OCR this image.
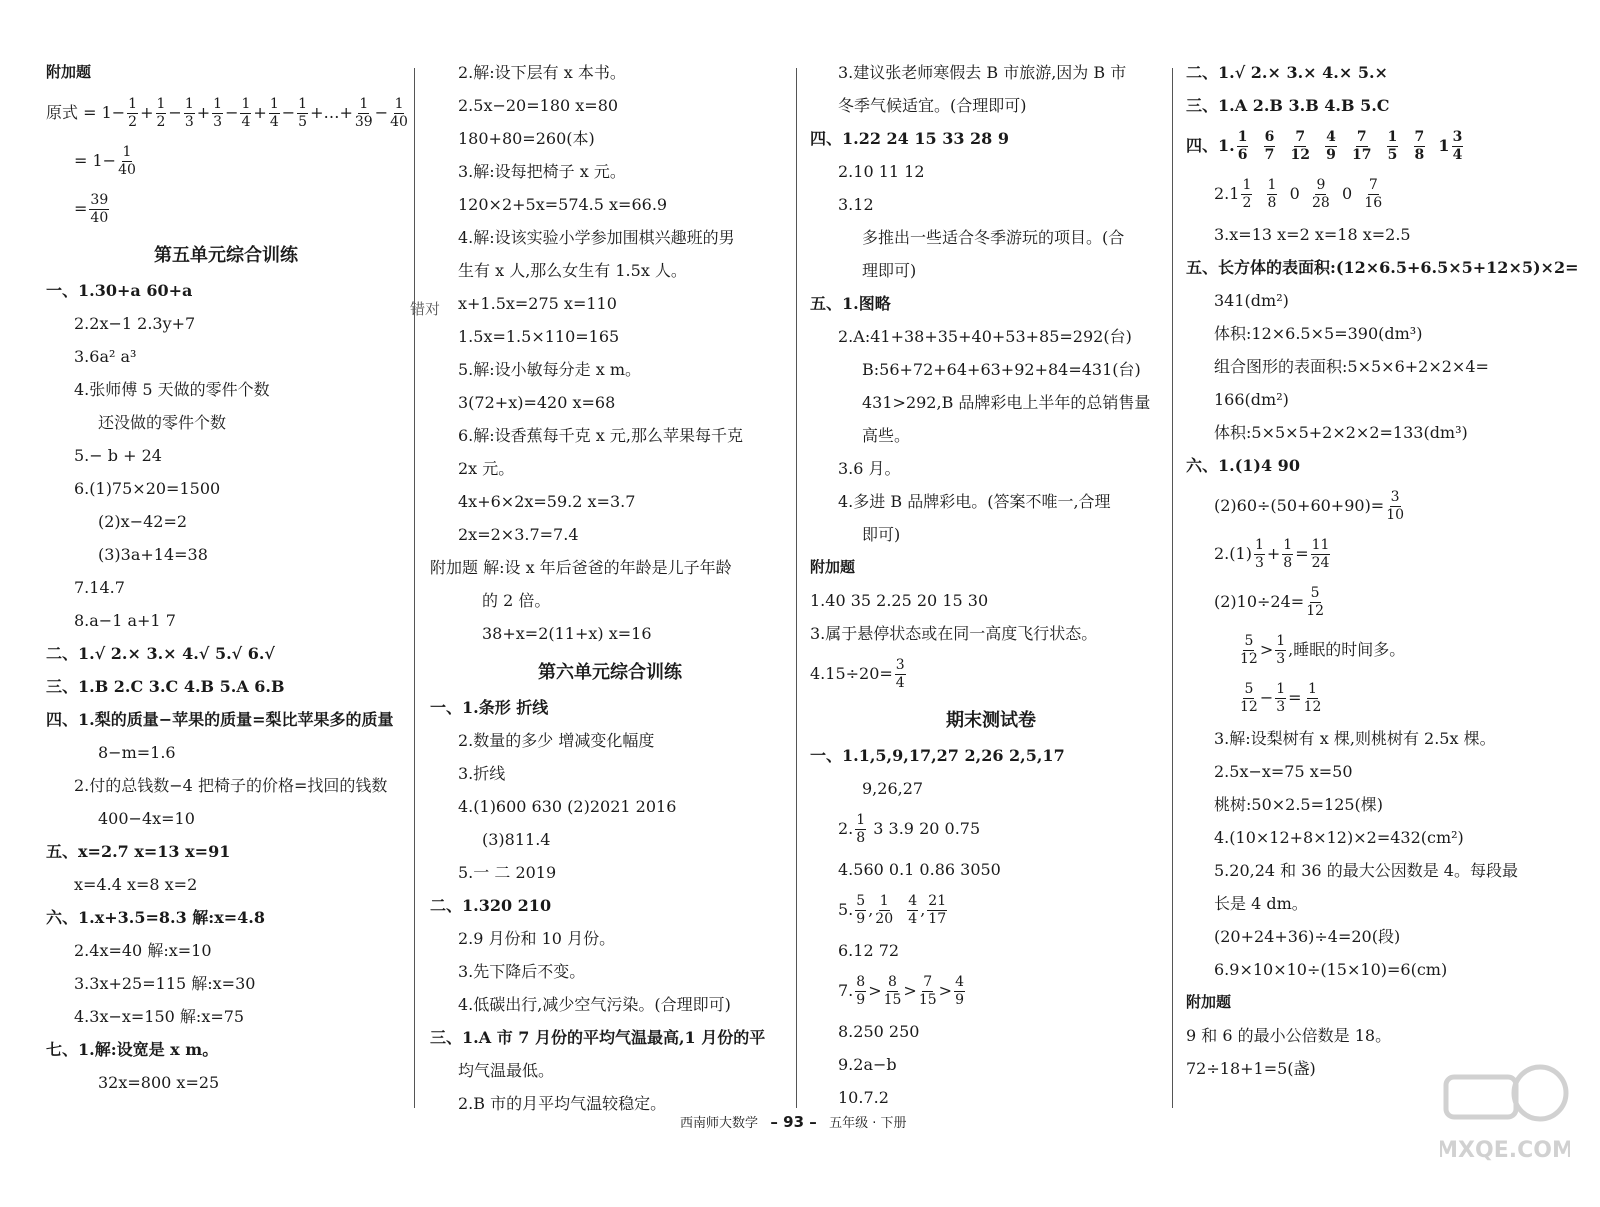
附加题
原式 = $1- \frac{1}{2} + \frac{1}{2} - \frac{1}{3} + \frac{1}{3} - \frac{1}{4} + \frac{1}{4} - \frac{1}{5}$ +…+ $\frac{1}{39} - \frac{1}{40}$
= $1- \frac{1}{40}$
= $\frac{39}{40}$
第五单元综合训练
一、1.30+a 60+a
2.2x−1 2.3y+7
3.6a² a³
4.张师傅 5 天做的零件个数
还没做的零件个数
5.− b + 24
6.(1)75×20=1500
(2)x−42=2
(3)3a+14=38
7.14.7
8.a−1 a+1 7
二、1.√ 2.× 3.× 4.√ 5.√ 6.√
三、1.B 2.C 3.C 4.B 5.A 6.B
四、1.梨的质量−苹果的质量=梨比苹果多的质量
8−m=1.6
2.付的总钱数−4 把椅子的价格=找回的钱数
400−4x=10
五、x=2.7 x=13 x=91
x=4.4 x=8 x=2
六、1.x+3.5=8.3 解:x=4.8
2.4x=40 解:x=10
3.3x+25=115 解:x=30
4.3x−x=150 解:x=75
七、1.解:设宽是 x m。
32x=800 x=25
2.解:设下层有 x 本书。
2.5x−20=180 x=80
180+80=260(本)
3.解:设每把椅子 x 元。
120×2+5x=574.5 x=66.9
4.解:设该实验小学参加围棋兴趣班的男
生有 x 人,那么女生有 1.5x 人。
x+1.5x=275 x=110
1.5x=1.5×110=165
5.解:设小敏每分走 x m。
3(72+x)=420 x=68
6.解:设香蕉每千克 x 元,那么苹果每千克
2x 元。
4x+6×2x=59.2 x=3.7
2x=2×3.7=7.4
附加题 解:设 x 年后爸爸的年龄是儿子年龄
的 2 倍。
38+x=2(11+x) x=16
第六单元综合训练
一、1.条形 折线
2.数量的多少 增减变化幅度
3.折线
4.(1)600 630 (2)2021 2016
(3)811.4
5.一 二 2019
二、1.320 210
2.9 月份和 10 月份。
3.先下降后不变。
4.低碳出行,减少空气污染。(合理即可)
三、1.A 市 7 月份的平均气温最高,1 月份的平
均气温最低。
2.B 市的月平均气温较稳定。
错对
3.建议张老师寒假去 B 市旅游,因为 B 市
冬季气候适宜。(合理即可)
四、1.22 24 15 33 28 9
2.10 11 12
3.12
多推出一些适合冬季游玩的项目。(合
理即可)
五、1.图略
2.A:41+38+35+40+53+85=292(台)
B:56+72+64+63+92+84=431(台)
431>292,B 品牌彩电上半年的总销售量
高些。
3.6 月。
4.多进 B 品牌彩电。(答案不唯一,合理
即可)
附加题
1.40 35 2.25 20 15 30
3.属于悬停状态或在同一高度飞行状态。
$4.15\div 20= \frac{3}{4}$
期末测试卷
一、1.1,5,9,17,27 2,26 2,5,17
9,26,27
2. $\frac{1}{8} 3$ 3.9 20 0.75
4.560 0.1 0.86 3050
5. $\frac{5}{9}$ , $\frac{1}{20}$
$\frac{4}{4}$ , $\frac{21}{17}$
6.12 72
7. $\frac{8}{9} > \frac{8}{15} > \frac{7}{15} > \frac{4}{9}$
8.250 250
9.2a−b
10.7.2
二、1.√ 2.× 3.× 4.× 5.×
三、1.A 2.B 3.B 4.B 5.C
四、1. $\frac{1}{6}$
$\frac{6}{7}$
$\frac{7}{12}$
$\frac{4}{9}$
$\frac{7}{17}$
$\frac{1}{5}$
$\frac{7}{8} 1 \frac{3}{4}$
$2.1 \frac{1}{2}$
$\frac{1}{8} 0 \frac{9}{28} 0 \frac{7}{16}$
3.x=13 x=2 x=18 x=2.5
五、长方体的表面积:(12×6.5+6.5×5+12×5)×2=
341(dm²)
体积:12×6.5×5=390(dm³)
组合图形的表面积:5×5×6+2×2×4=
166(dm²)
体积:5×5×5+2×2×2=133(dm³)
六、1.(1)4 90
$(2)60\div(50+60+90)= \frac{3}{10}$
$2.(1) \frac{1}{3} + \frac{1}{8} = \frac{11}{24}$
$(2)10\div 24= \frac{5}{12}$
$\frac{5}{12} > \frac{1}{3}$ ,睡眠的时间多。
$\frac{5}{12} - \frac{1}{3} = \frac{1}{12}$
3.解:设梨树有 x 棵,则桃树有 2.5x 棵。
2.5x−x=75 x=50
桃树:50×2.5=125(棵)
4.(10×12+8×12)×2=432(cm²)
5.20,24 和 36 的最大公因数是 4。每段最
长是 4 dm。
(20+24+36)÷4=20(段)
6.9×10×10÷(15×10)=6(cm)
附加题
9 和 6 的最小公倍数是 18。
72÷18+1=5(盏)
西南师大数学 – 93 – 五年级 · 下册
MXQE.COM
